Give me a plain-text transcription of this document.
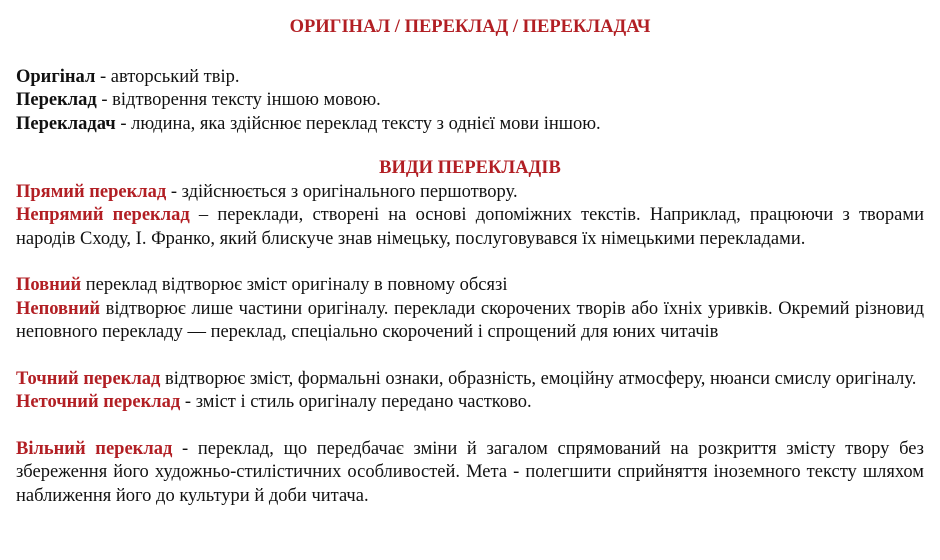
ОРИГІНАЛ / ПЕРЕКЛАД / ПЕРЕКЛАДАЧ

Оригінал - авторський твір.

Переклад - відтворення тексту іншою мовою.

Перекладач - людина, яка здійснює переклад тексту з однієї мови іншою.

ВИДИ ПЕРЕКЛАДІВ

Прямий переклад - здійснюється з оригінального першотвору.

Непрямий переклад – переклади, створені на основі допоміжних текстів. Наприклад, працюючи з творами народів Сходу, І. Франко, який блискуче знав німецьку, послуговувався їх німецькими перекладами.

Повний переклад відтворює зміст оригіналу в повному обсязі

Неповний відтворює лише частини оригіналу. переклади скорочених творів або їхніх уривків. Окремий різновид неповного перекладу — переклад, спеціально скорочений і спрощений для юних читачів

Точний переклад відтворює зміст, формальні ознаки, образність, емоційну атмосферу, нюанси смислу оригіналу.

Неточний переклад - зміст і стиль оригіналу передано частково.

Вільний переклад - переклад, що передбачає зміни й загалом спрямований на розкриття змісту твору без збереження його художньо-стилістичних особливостей. Мета - полегшити сприйняття іноземного тексту шляхом наближення його до культури й доби читача.
